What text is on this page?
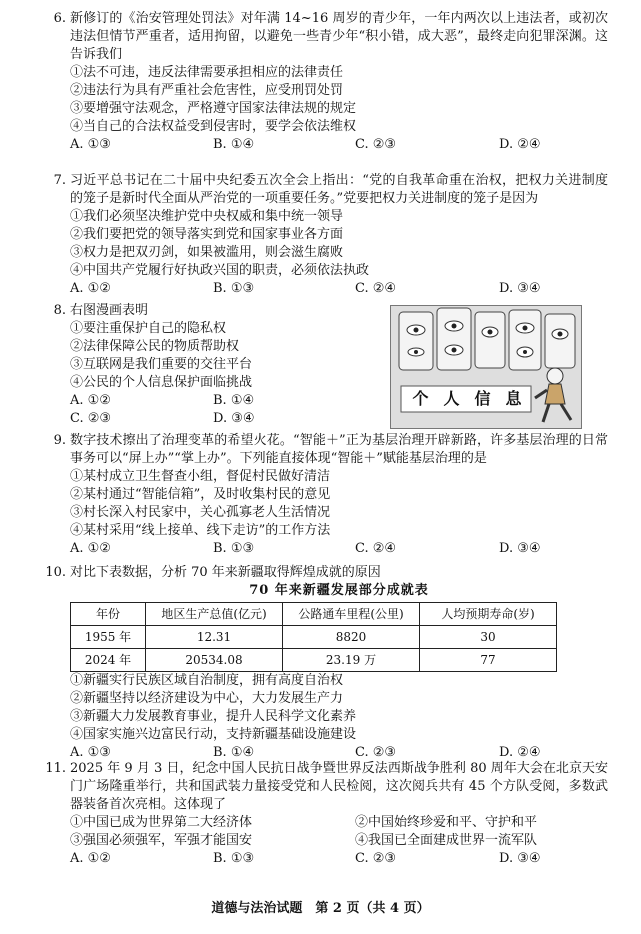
6. 新修订的《治安管理处罚法》对年满 14~16 周岁的青少年，一年内两次以上违法者，或初次违法但情节严重者，适用拘留，以避免一些青少年“积小错，成大恶”，最终走向犯罪深渊。这告诉我们
①法不可违，违反法律需要承担相应的法律责任
②违法行为具有严重社会危害性，应受刑罚处罚
③要增强守法观念，严格遵守国家法律法规的规定
④当自己的合法权益受到侵害时，要学会依法维权
A. ①③	B. ①④	C. ②③	D. ②④
7. 习近平总书记在二十届中央纪委五次全会上指出：“党的自我革命重在治权，把权力关进制度的笼子是新时代全面从严治党的一项重要任务。”党要把权力关进制度的笼子是因为
①我们必须坚决维护党中央权威和集中统一领导
②我们要把党的领导落实到党和国家事业各方面
③权力是把双刃剑，如果被滥用，则会滋生腐败
④中国共产党履行好执政兴国的职责，必须依法执政
A. ①②	B. ①③	C. ②④	D. ③④
8. 右图漫画表明
①要注重保护自己的隐私权
②法律保障公民的物质帮助权
③互联网是我们重要的交往平台
④公民的个人信息保护面临挑战
A. ①②	B. ①④
C. ②③	D. ③④
个 人 信 息
9. 数字技术擦出了治理变革的希望火花。“智能＋”正为基层治理开辟新路，许多基层治理的日常事务可以“屏上办”“掌上办”。下列能直接体现“智能＋”赋能基层治理的是
①某村成立卫生督查小组，督促村民做好清洁
②某村通过“智能信箱”，及时收集村民的意见
③村长深入村民家中，关心孤寡老人生活情况
④某村采用“线上接单、线下走访”的工作方法
A. ①②	B. ①③	C. ②④	D. ③④
10. 对比下表数据，分析 70 年来新疆取得辉煌成就的原因
70 年来新疆发展部分成就表
年份	地区生产总值(亿元)	公路通车里程(公里)	人均预期寿命(岁)
1955 年	12.31	8820	30
2024 年	20534.08	23.19 万	77
①新疆实行民族区域自治制度，拥有高度自治权
②新疆坚持以经济建设为中心，大力发展生产力
③新疆大力发展教育事业，提升人民科学文化素养
④国家实施兴边富民行动，支持新疆基础设施建设
A. ①③	B. ①④	C. ②③	D. ②④
11. 2025 年 9 月 3 日，纪念中国人民抗日战争暨世界反法西斯战争胜利 80 周年大会在北京天安门广场隆重举行，共和国武装力量接受党和人民检阅，这次阅兵共有 45 个方队受阅，多数武器装备首次亮相。这体现了
①中国已成为世界第二大经济体	②中国始终珍爱和平、守护和平
③强国必须强军，军强才能国安	④我国已全面建成世界一流军队
A. ①②	B. ①③	C. ②③	D. ③④
道德与法治试题　第 2 页（共 4 页）
